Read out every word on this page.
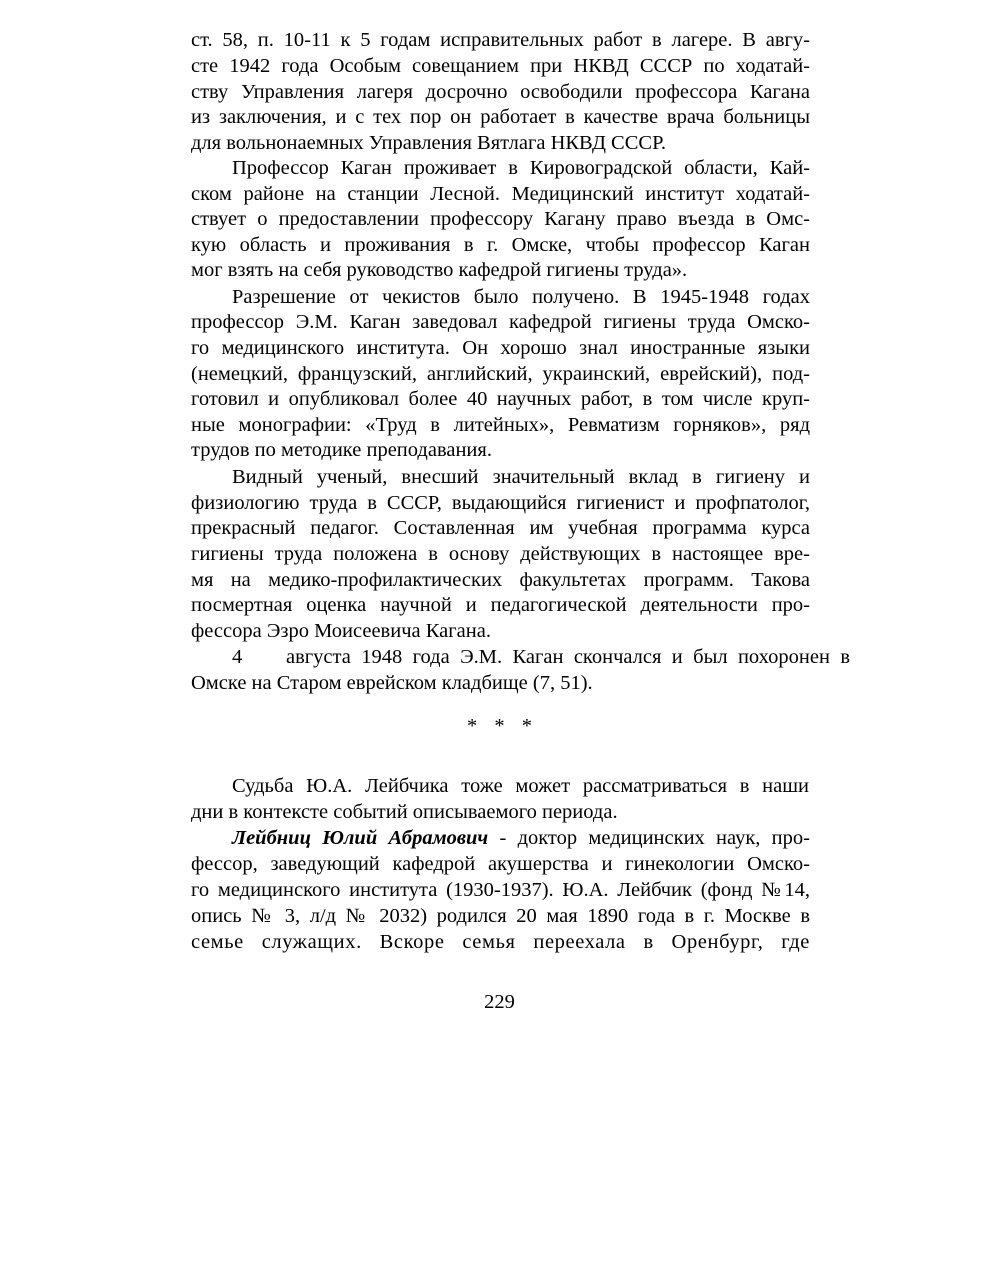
ст. 58, п. 10-11 к 5 годам исправительных работ в лагере. В авгу-
сте 1942 года Особым совещанием при НКВД СССР по ходатай-
ству Управления лагеря досрочно освободили профессора Кагана
из заключения, и с тех пор он работает в качестве врача больницы
для вольнонаемных Управления Вятлага НКВД СССР.
Профессор Каган проживает в Кировоградской области, Кай-
ском районе на станции Лесной. Медицинский институт ходатай-
ствует о предоставлении профессору Кагану право въезда в Омс-
кую область и проживания в г. Омске, чтобы профессор Каган
мог взять на себя руководство кафедрой гигиены труда».
Разрешение от чекистов было получено. В 1945-1948 годах
профессор Э.М. Каган заведовал кафедрой гигиены труда Омско-
го медицинского института. Он хорошо знал иностранные языки
(немецкий, французский, английский, украинский, еврейский), под-
готовил и опубликовал более 40 научных работ, в том числе круп-
ные монографии: «Труд в литейных», Ревматизм горняков», ряд
трудов по методике преподавания.
Видный ученый, внесший значительный вклад в гигиену и
физиологию труда в СССР, выдающийся гигиенист и профпатолог,
прекрасный педагог. Составленная им учебная программа курса
гигиены труда положена в основу действующих в настоящее вре-
мя на медико-профилактических факультетах программ. Такова
посмертная оценка научной и педагогической деятельности про-
фессора Эзро Моисеевича Кагана.
4 августа 1948 года Э.М. Каган скончался и был похоронен в
Омске на Старом еврейском кладбище (7, 51).
* * *
Судьба Ю.А. Лейбчика тоже может рассматриваться в наши
дни в контексте событий описываемого периода.
Лейбниц Юлий Абрамович - доктор медицинских наук, про-
фессор, заведующий кафедрой акушерства и гинекологии Омско-
го медицинского института (1930-1937). Ю.А. Лейбчик (фонд №14,
опись № 3, л/д № 2032) родился 20 мая 1890 года в г. Москве в
семье служащих. Вскоре семья переехала в Оренбург, где
229
